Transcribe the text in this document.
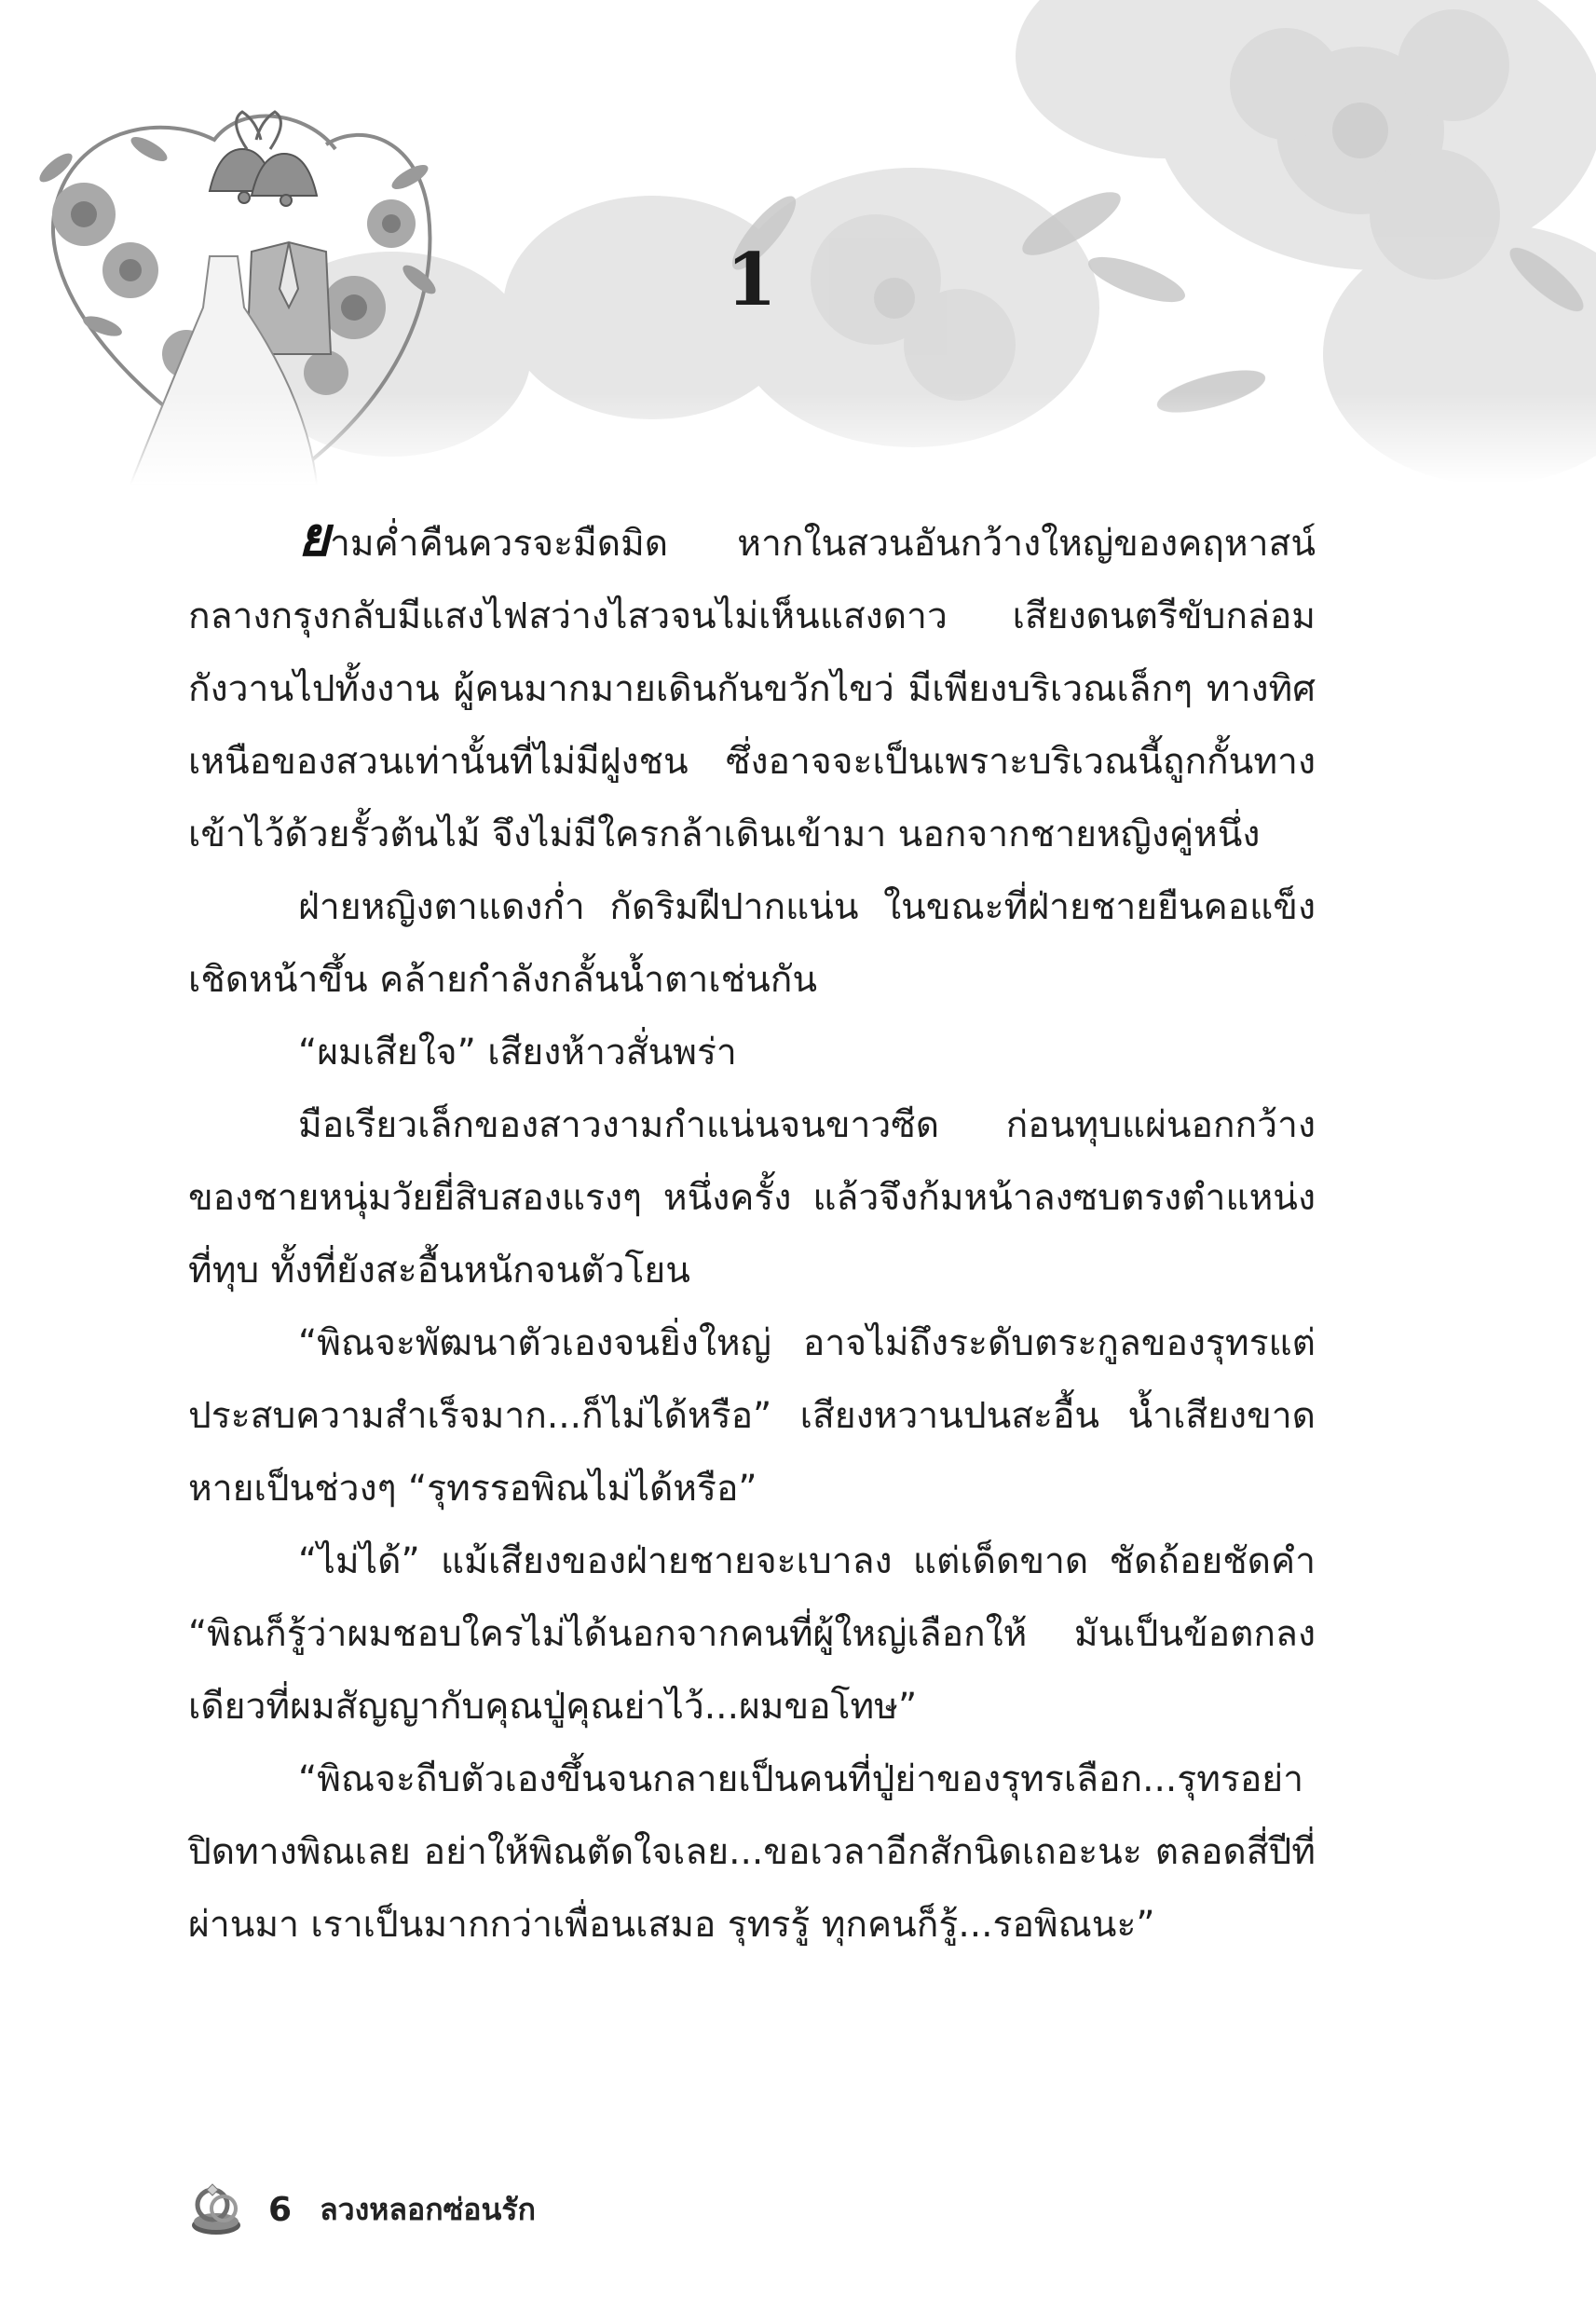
1

ยามค่ำคืนควรจะมืดมิด หากในสวนอันกว้างใหญ่ของคฤหาสน์กลางกรุงกลับมีแสงไฟสว่างไสวจนไม่เห็นแสงดาว เสียงดนตรีขับกล่อมกังวานไปทั้งงาน ผู้คนมากมายเดินกันขวักไขว่ มีเพียงบริเวณเล็กๆ ทางทิศเหนือของสวนเท่านั้นที่ไม่มีฝูงชน ซึ่งอาจจะเป็นเพราะบริเวณนี้ถูกกั้นทางเข้าไว้ด้วยรั้วต้นไม้ จึงไม่มีใครกล้าเดินเข้ามา นอกจากชายหญิงคู่หนึ่ง

ฝ่ายหญิงตาแดงก่ำ กัดริมฝีปากแน่น ในขณะที่ฝ่ายชายยืนคอแข็งเชิดหน้าขึ้น คล้ายกำลังกลั้นน้ำตาเช่นกัน

“ผมเสียใจ” เสียงห้าวสั่นพร่า

มือเรียวเล็กของสาวงามกำแน่นจนขาวซีด ก่อนทุบแผ่นอกกว้างของชายหนุ่มวัยยี่สิบสองแรงๆ หนึ่งครั้ง แล้วจึงก้มหน้าลงซบตรงตำแหน่งที่ทุบ ทั้งที่ยังสะอื้นหนักจนตัวโยน

“พิณจะพัฒนาตัวเองจนยิ่งใหญ่ อาจไม่ถึงระดับตระกูลของรุทรแต่ประสบความสำเร็จมาก...ก็ไม่ได้หรือ” เสียงหวานปนสะอื้น น้ำเสียงขาดหายเป็นช่วงๆ “รุทรรอพิณไม่ได้หรือ”

“ไม่ได้” แม้เสียงของฝ่ายชายจะเบาลง แต่เด็ดขาด ชัดถ้อยชัดคำ “พิณก็รู้ว่าผมชอบใครไม่ได้นอกจากคนที่ผู้ใหญ่เลือกให้ มันเป็นข้อตกลงเดียวที่ผมสัญญากับคุณปู่คุณย่าไว้...ผมขอโทษ”

“พิณจะถีบตัวเองขึ้นจนกลายเป็นคนที่ปู่ย่าของรุทรเลือก...รุทรอย่าปิดทางพิณเลย อย่าให้พิณตัดใจเลย...ขอเวลาอีกสักนิดเถอะนะ ตลอดสี่ปีที่ผ่านมา เราเป็นมากกว่าเพื่อนเสมอ รุทรรู้ ทุกคนก็รู้...รอพิณนะ”

6 ลวงหลอกซ่อนรัก
